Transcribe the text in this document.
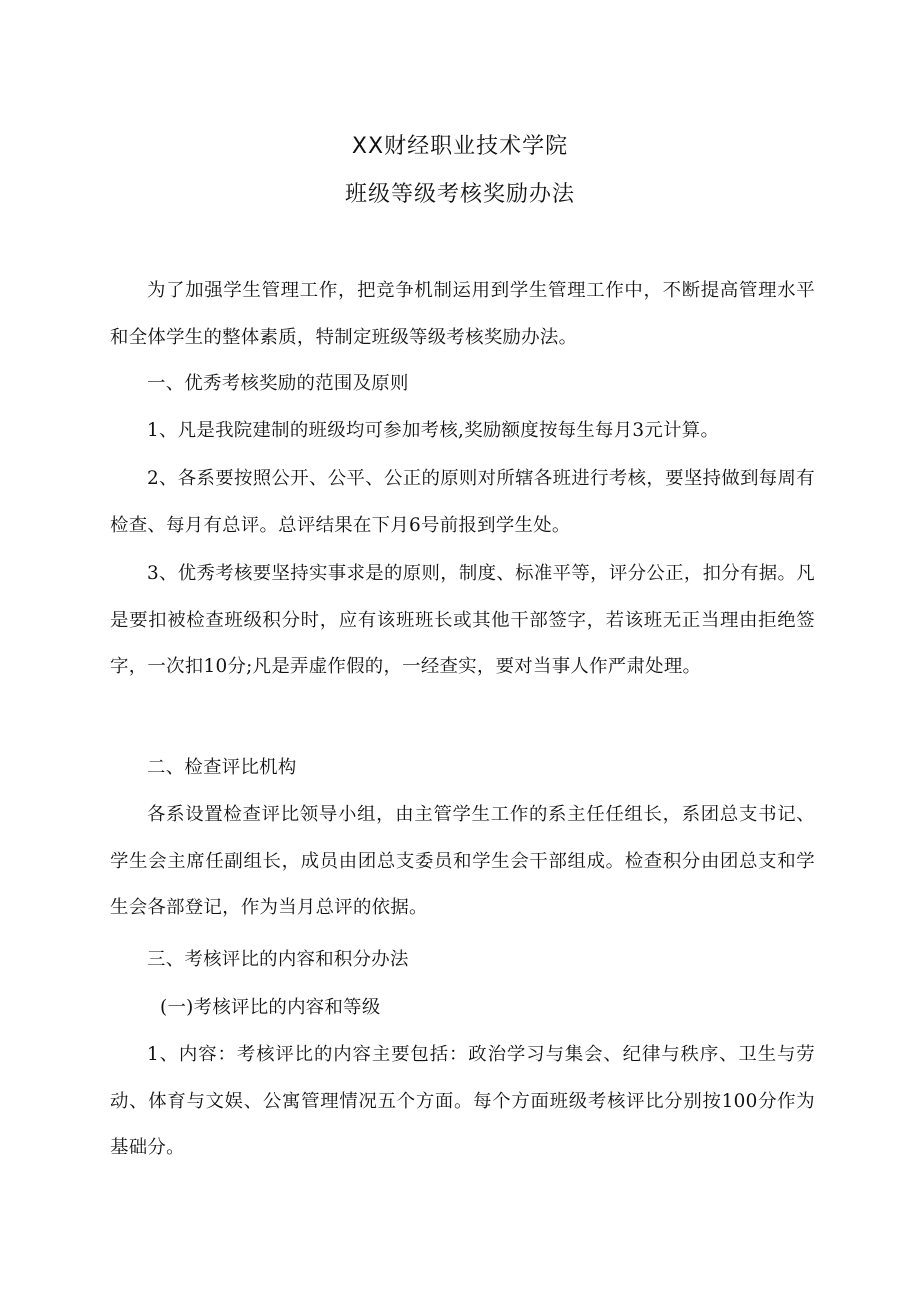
XX财经职业技术学院
班级等级考核奖励办法

为了加强学生管理工作，把竞争机制运用到学生管理工作中，不断提高管理水平和全体学生的整体素质，特制定班级等级考核奖励办法。

一、优秀考核奖励的范围及原则

1、凡是我院建制的班级均可参加考核,奖励额度按每生每月3元计算。

2、各系要按照公开、公平、公正的原则对所辖各班进行考核，要坚持做到每周有检查、每月有总评。总评结果在下月6号前报到学生处。

3、优秀考核要坚持实事求是的原则，制度、标准平等，评分公正，扣分有据。凡是要扣被检查班级积分时，应有该班班长或其他干部签字，若该班无正当理由拒绝签字，一次扣10分;凡是弄虚作假的，一经查实，要对当事人作严肃处理。

二、检查评比机构

各系设置检查评比领导小组，由主管学生工作的系主任任组长，系团总支书记、学生会主席任副组长，成员由团总支委员和学生会干部组成。检查积分由团总支和学生会各部登记，作为当月总评的依据。

三、考核评比的内容和积分办法

(一)考核评比的内容和等级

1、内容：考核评比的内容主要包括：政治学习与集会、纪律与秩序、卫生与劳动、体育与文娱、公寓管理情况五个方面。每个方面班级考核评比分别按100分作为基础分。
